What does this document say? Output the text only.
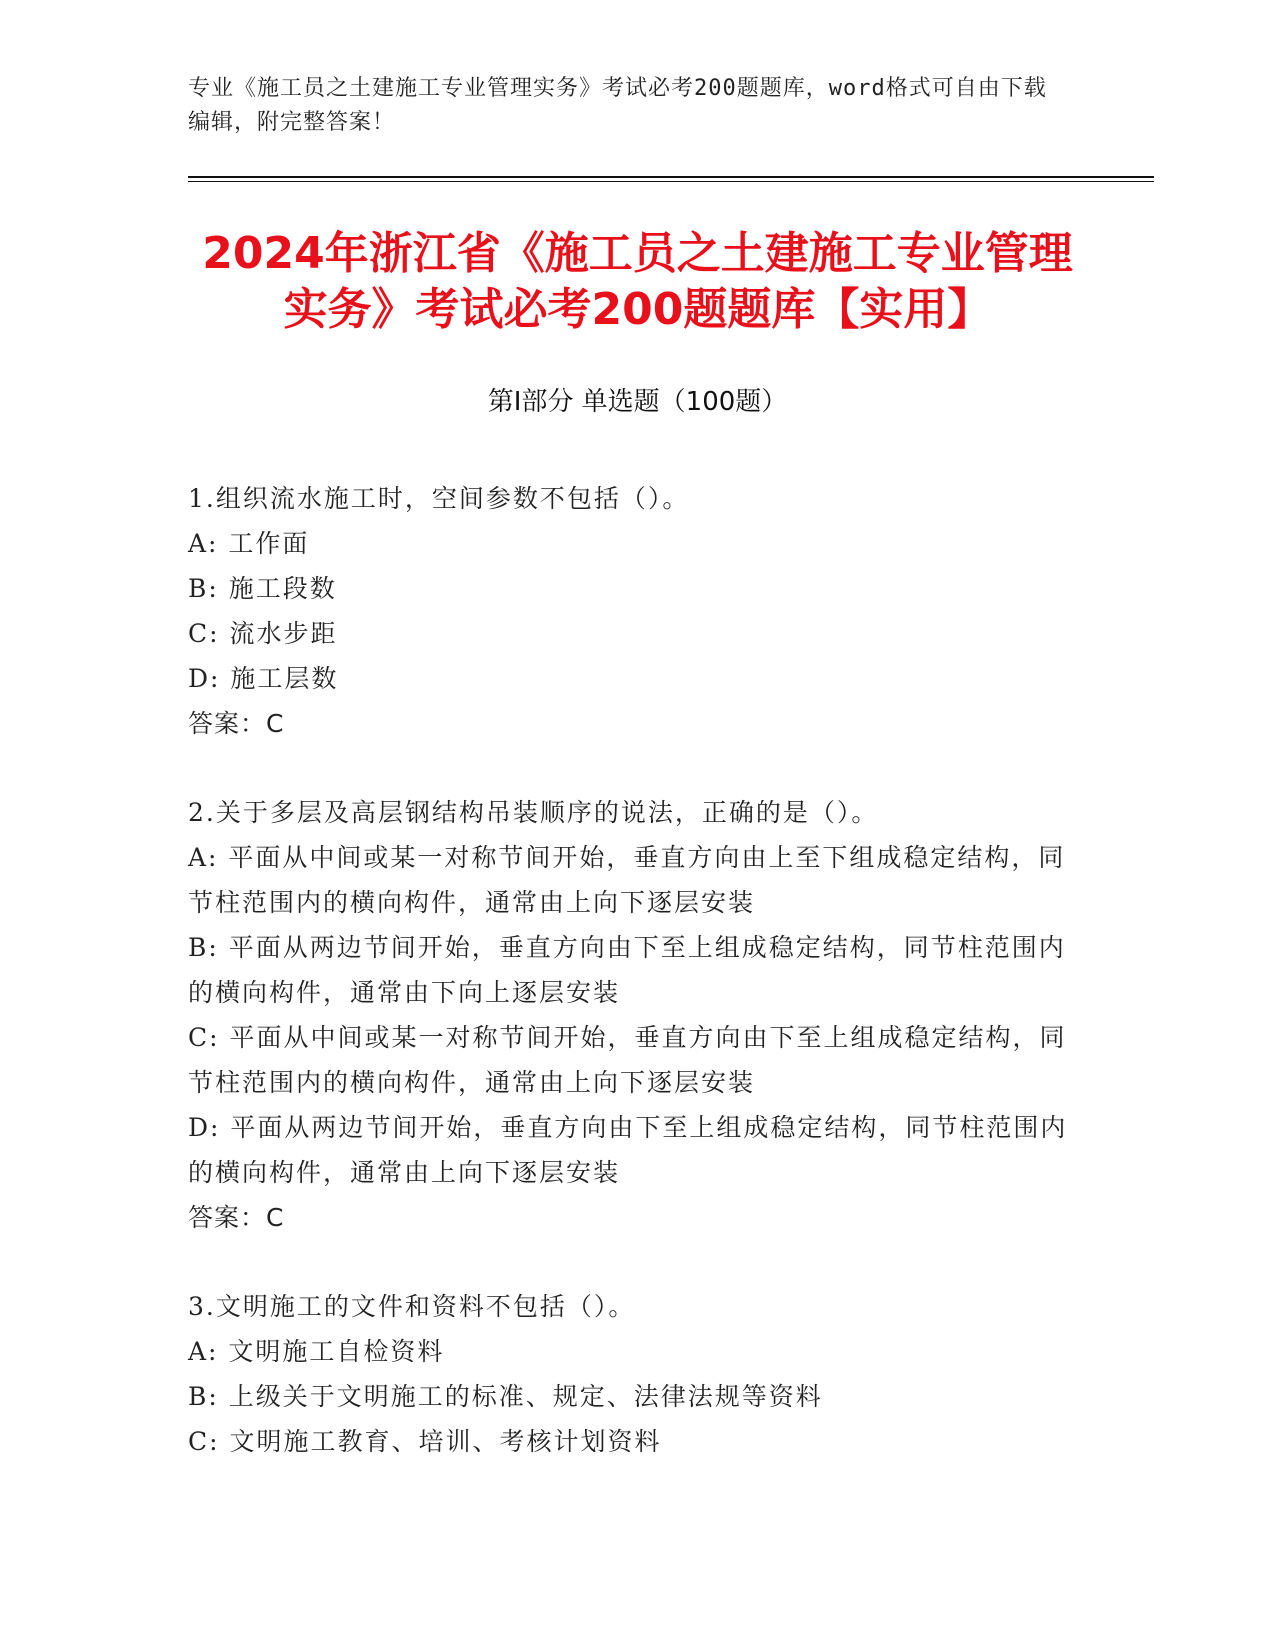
专业《施工员之土建施工专业管理实务》考试必考200题题库，word格式可自由下载编辑，附完整答案！
2024年浙江省《施工员之土建施工专业管理
实务》考试必考200题题库【实用】
第Ⅰ部分 单选题（100题）
1.组织流水施工时，空间参数不包括（）。
A: 工作面
B: 施工段数
C: 流水步距
D: 施工层数
答案：C
2.关于多层及高层钢结构吊装顺序的说法，正确的是（）。
A: 平面从中间或某一对称节间开始，垂直方向由上至下组成稳定结构，同节柱范围内的横向构件，通常由上向下逐层安装
B: 平面从两边节间开始，垂直方向由下至上组成稳定结构，同节柱范围内的横向构件，通常由下向上逐层安装
C: 平面从中间或某一对称节间开始，垂直方向由下至上组成稳定结构，同节柱范围内的横向构件，通常由上向下逐层安装
D: 平面从两边节间开始，垂直方向由下至上组成稳定结构，同节柱范围内的横向构件，通常由上向下逐层安装
答案：C
3.文明施工的文件和资料不包括（）。
A: 文明施工自检资料
B: 上级关于文明施工的标准、规定、法律法规等资料
C: 文明施工教育、培训、考核计划资料
